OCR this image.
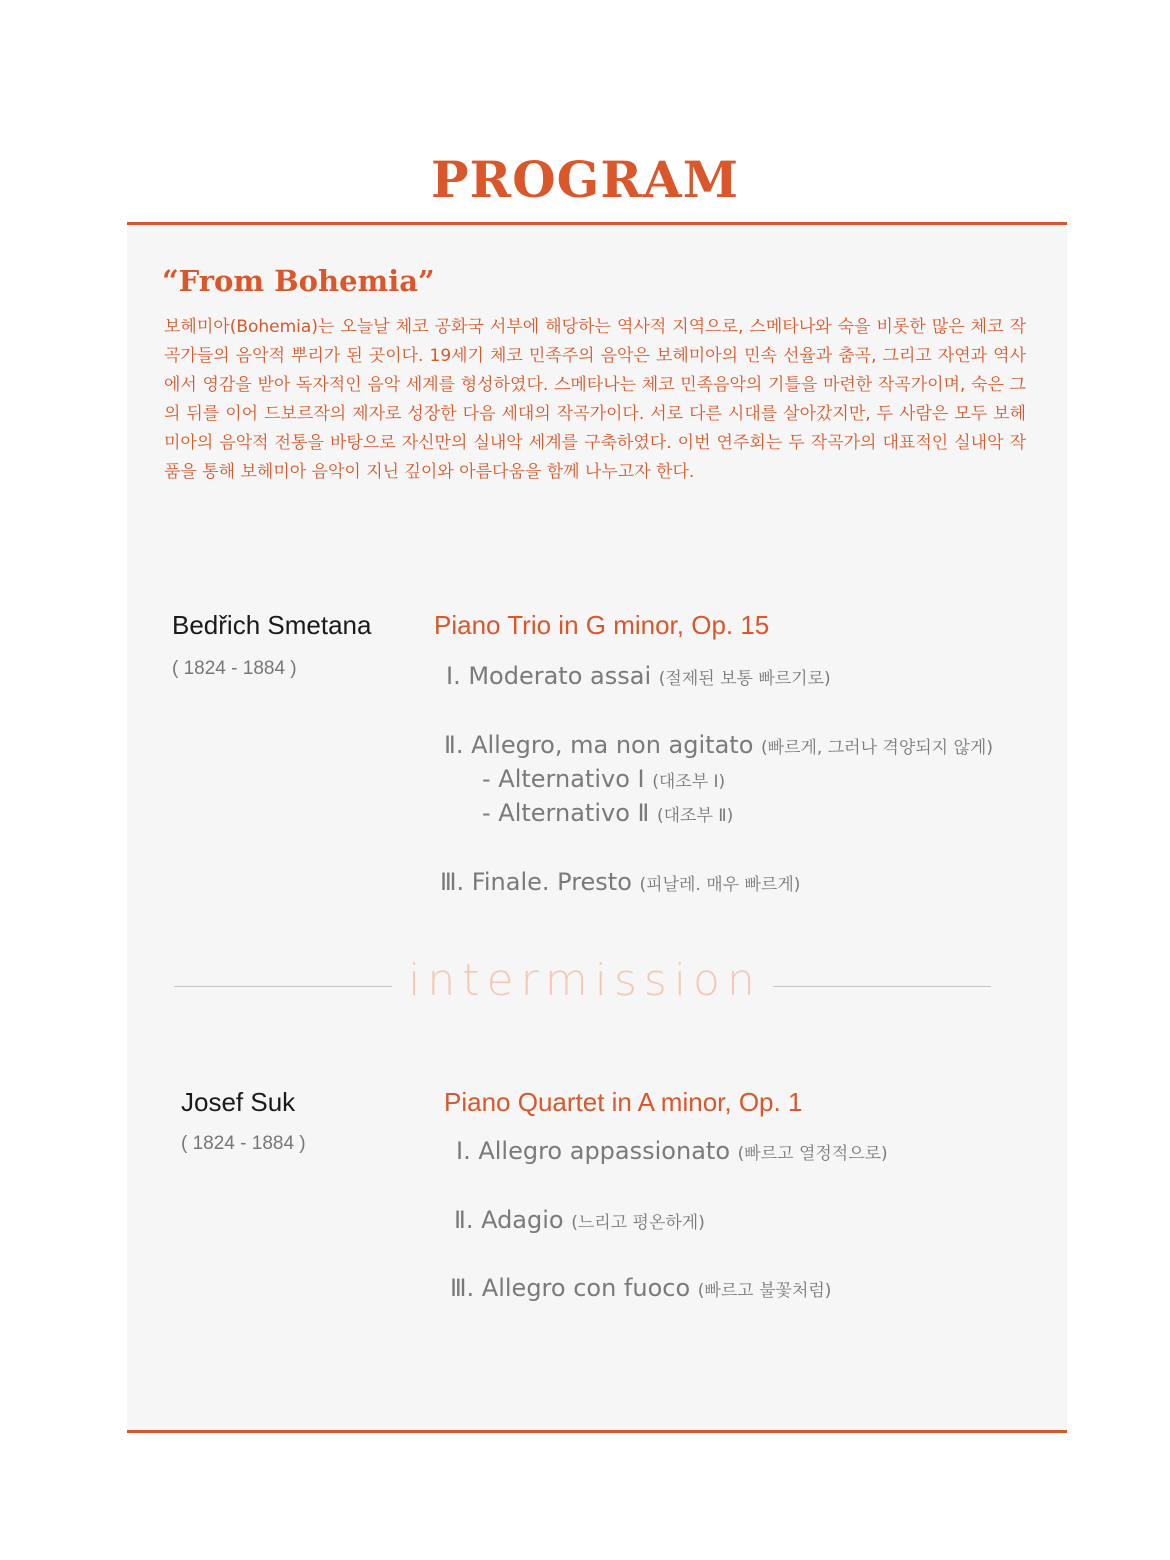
PROGRAM
“From Bohemia”

보헤미아(Bohemia)는 오늘날 체코 공화국 서부에 해당하는 역사적 지역으로, 스메타나와 숙을 비롯한 많은 체코 작곡가들의 음악적 뿌리가 된 곳이다. 19세기 체코 민족주의 음악은 보헤미아의 민속 선율과 춤곡, 그리고 자연과 역사에서 영감을 받아 독자적인 음악 세계를 형성하였다. 스메타나는 체코 민족음악의 기틀을 마련한 작곡가이며, 숙은 그의 뒤를 이어 드보르작의 제자로 성장한 다음 세대의 작곡가이다. 서로 다른 시대를 살아갔지만, 두 사람은 모두 보헤미아의 음악적 전통을 바탕으로 자신만의 실내악 세계를 구축하였다. 이번 연주회는 두 작곡가의 대표적인 실내악 작품을 통해 보헤미아 음악이 지닌 깊이와 아름다움을 함께 나누고자 한다.

Bedřich Smetana
( 1824 - 1884 )
Piano Trio in G minor, Op. 15
Ⅰ. Moderato assai (절제된 보통 빠르기로)
Ⅱ. Allegro, ma non agitato (빠르게, 그러나 격양되지 않게)
- Alternativo Ⅰ (대조부 Ⅰ)
- Alternativo Ⅱ (대조부 Ⅱ)
Ⅲ. Finale. Presto (피날레. 매우 빠르게)
intermission
Josef Suk
( 1824 - 1884 )
Piano Quartet in A minor, Op. 1
Ⅰ. Allegro appassionato (빠르고 열정적으로)
Ⅱ. Adagio (느리고 평온하게)
Ⅲ. Allegro con fuoco (빠르고 불꽃처럼)
